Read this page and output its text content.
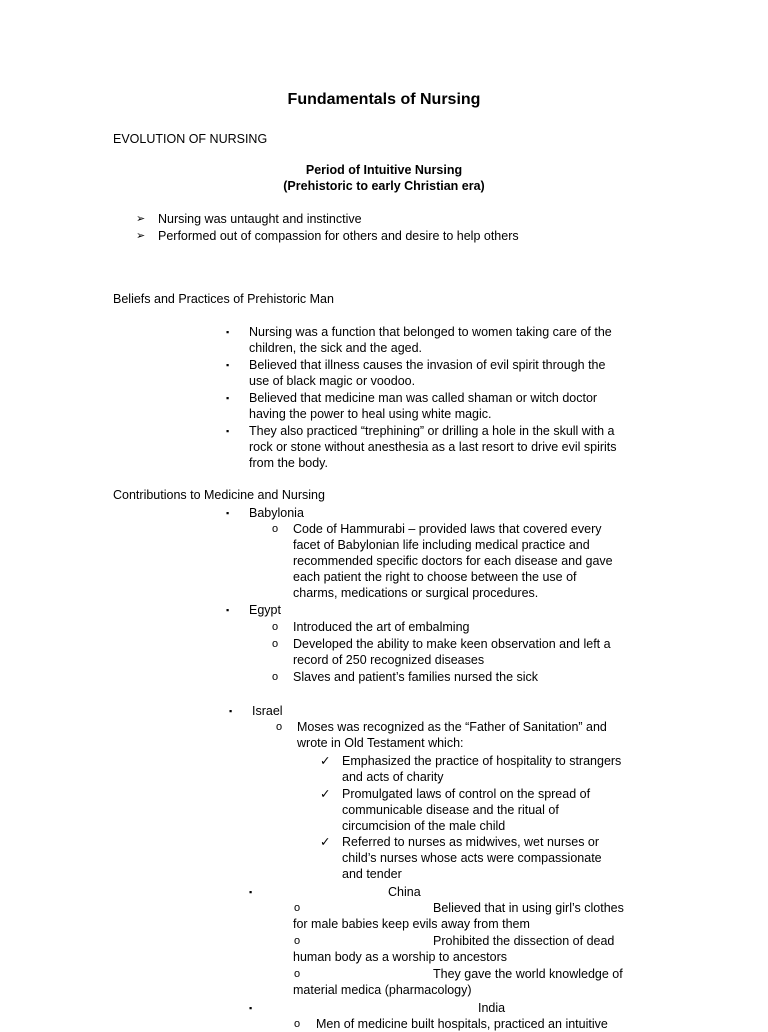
Fundamentals of Nursing
EVOLUTION OF NURSING
Period of Intuitive Nursing
(Prehistoric to early Christian era)
➢ Nursing was untaught and instinctive
➢ Performed out of compassion for others and desire to help others
Beliefs and Practices of Prehistoric Man
▪ Nursing was a function that belonged to women taking care of the
children, the sick and the aged.
▪ Believed that illness causes the invasion of evil spirit through the
use of black magic or voodoo.
▪ Believed that medicine man was called shaman or witch doctor
having the power to heal using white magic.
▪ They also practiced “trephining” or drilling a hole in the skull with a
rock or stone without anesthesia as a last resort to drive evil spirits
from the body.
Contributions to Medicine and Nursing
▪ Babylonia
o Code of Hammurabi – provided laws that covered every
facet of Babylonian life including medical practice and
recommended specific doctors for each disease and gave
each patient the right to choose between the use of
charms, medications or surgical procedures.
▪ Egypt
o Introduced the art of embalming
o Developed the ability to make keen observation and left a
record of 250 recognized diseases
o Slaves and patient’s families nursed the sick
▪ Israel
o Moses was recognized as the “Father of Sanitation” and
wrote in Old Testament which:
✓ Emphasized the practice of hospitality to strangers
and acts of charity
✓ Promulgated laws of control on the spread of
communicable disease and the ritual of
circumcision of the male child
✓ Referred to nurses as midwives, wet nurses or
child’s nurses whose acts were compassionate
and tender
▪	China
o	Believed that in using girl’s clothes
for male babies keep evils away from them
o	Prohibited the dissection of dead
human body as a worship to ancestors
o	They gave the world knowledge of
material medica (pharmacology)
▪	India
o Men of medicine built hospitals, practiced an intuitive
